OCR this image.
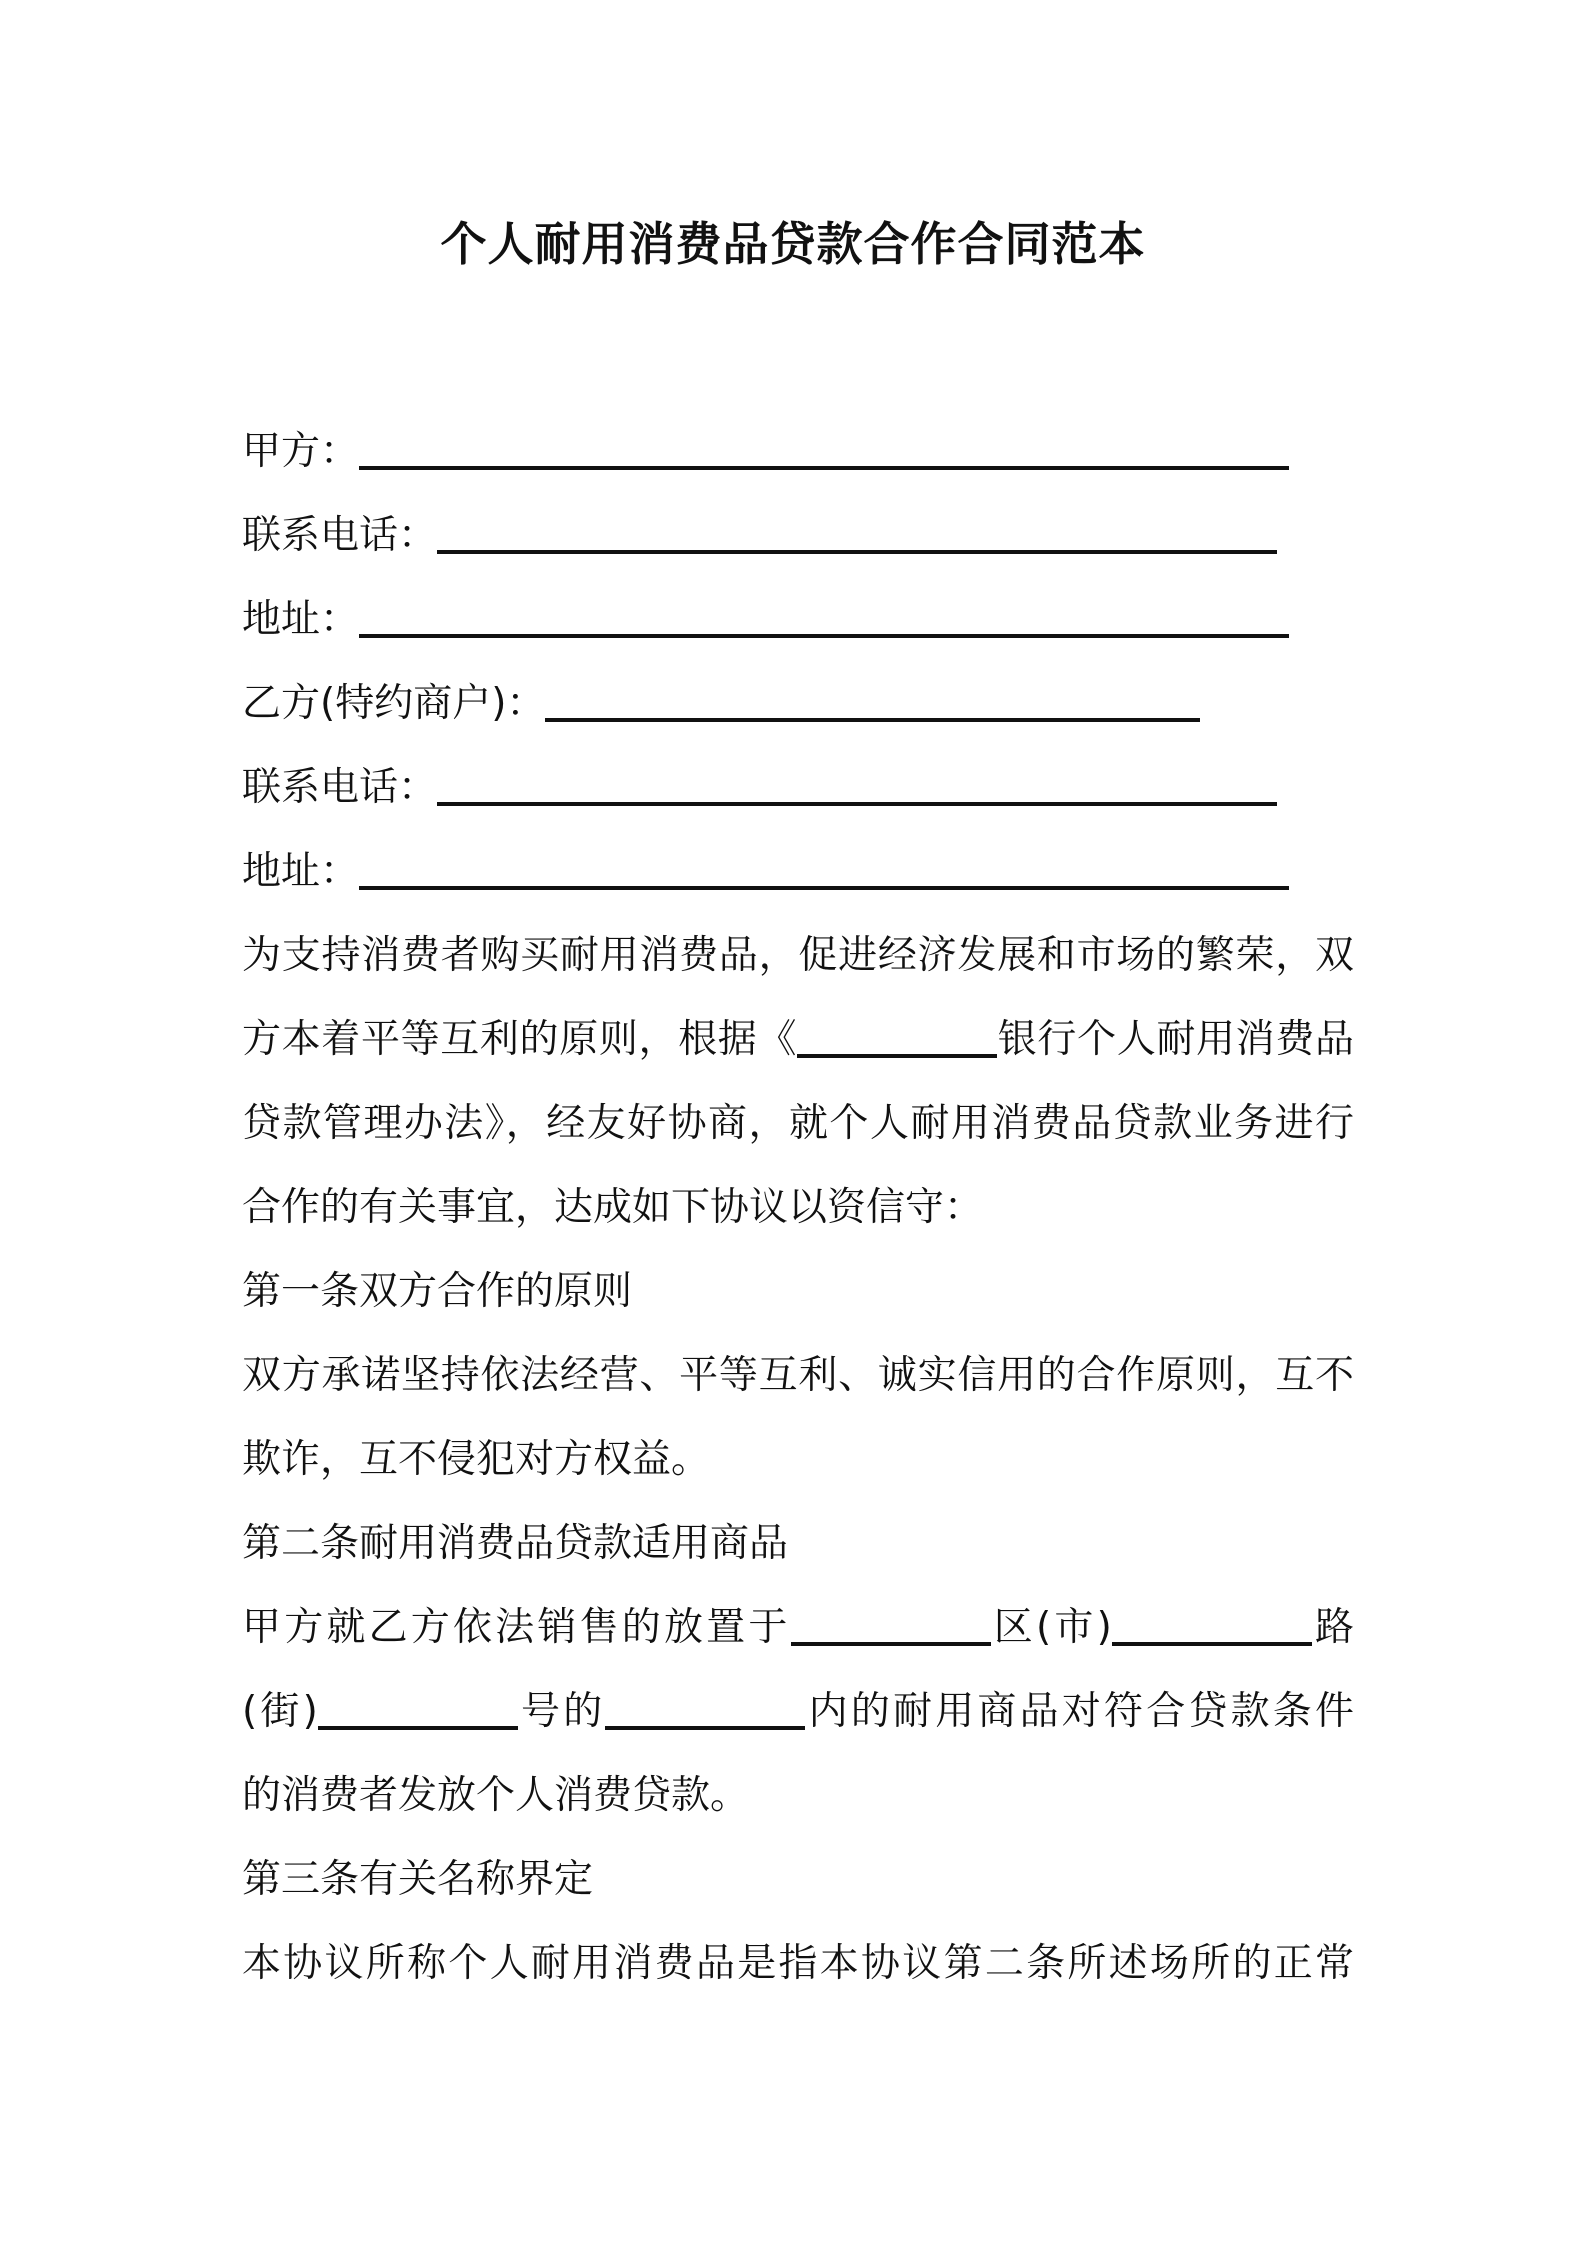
个人耐用消费品贷款合作合同范本
甲方：
联系电话：
地址：
乙方(特约商户)：
联系电话：
地址：
为支持消费者购买耐用消费品，促进经济发展和市场的繁荣，双
方本着平等互利的原则，根据《	银行个人耐用消费品
贷款管理办法》，经友好协商，就个人耐用消费品贷款业务进行
合作的有关事宜，达成如下协议以资信守：
第一条双方合作的原则
双方承诺坚持依法经营、平等互利、诚实信用的合作原则，互不
欺诈，互不侵犯对方权益。
第二条耐用消费品贷款适用商品
甲方就乙方依法销售的放置于	区(市)	路
(街)	号的	内的耐用商品对符合贷款条件
的消费者发放个人消费贷款。
第三条有关名称界定
本协议所称个人耐用消费品是指本协议第二条所述场所的正常
